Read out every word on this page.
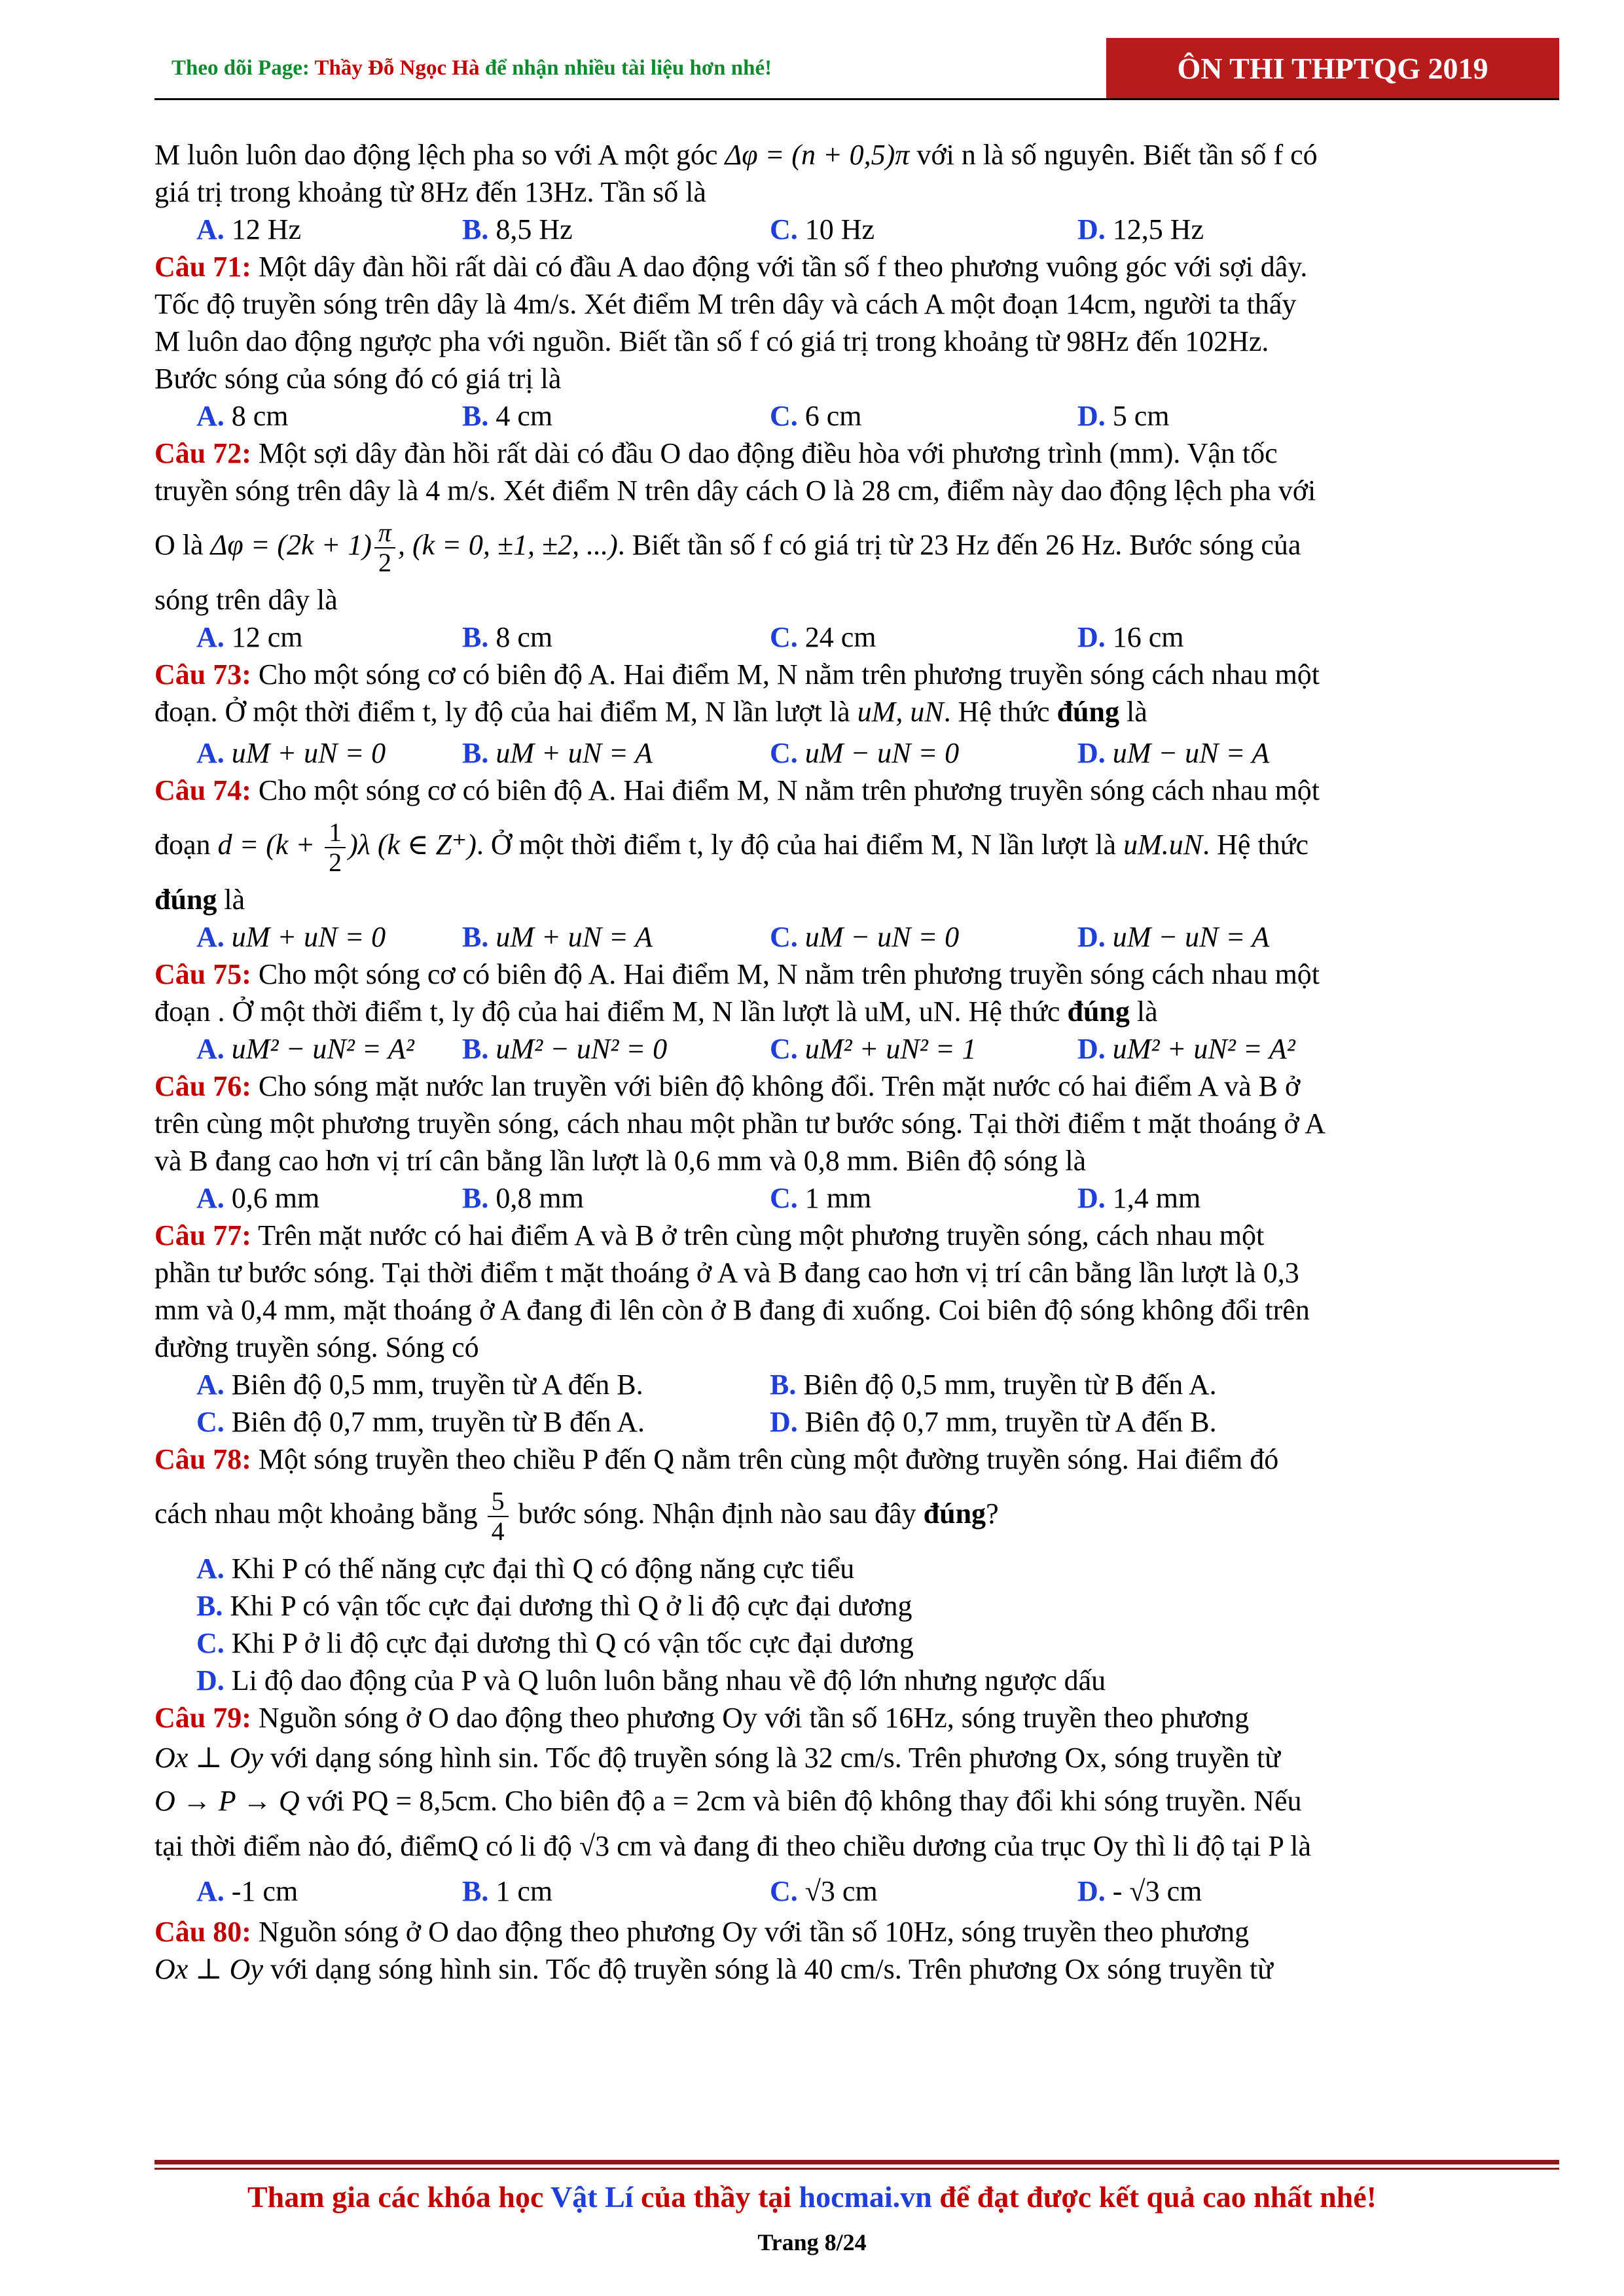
Theo dõi Page: Thầy Đỗ Ngọc Hà để nhận nhiều tài liệu hơn nhé!	ÔN THI THPTQG 2019
M luôn luôn dao động lệch pha so với A một góc Δφ = (n + 0,5)π với n là số nguyên. Biết tần số f có
giá trị trong khoảng từ 8Hz đến 13Hz. Tần số là
A. 12 Hz	B. 8,5 Hz	C. 10 Hz	D. 12,5 Hz
Câu 71: Một dây đàn hồi rất dài có đầu A dao động với tần số f theo phương vuông góc với sợi dây.
Tốc độ truyền sóng trên dây là 4m/s. Xét điểm M trên dây và cách A một đoạn 14cm, người ta thấy
M luôn dao động ngược pha với nguồn. Biết tần số f có giá trị trong khoảng từ 98Hz đến 102Hz.
Bước sóng của sóng đó có giá trị là
A. 8 cm	B. 4 cm	C. 6 cm	D. 5 cm
Câu 72: Một sợi dây đàn hồi rất dài có đầu O dao động điều hòa với phương trình (mm). Vận tốc
truyền sóng trên dây là 4 m/s. Xét điểm N trên dây cách O là 28 cm, điểm này dao động lệch pha với
O là $\Delta\varphi = (2k + 1) \frac{\pi}{2}$ , (k = 0, ±1, ±2, ...). Biết tần số f có giá trị từ 23 Hz đến 26 Hz. Bước sóng của
sóng trên dây là
A. 12 cm	B. 8 cm	C. 24 cm	D. 16 cm
Câu 73: Cho một sóng cơ có biên độ A. Hai điểm M, N nằm trên phương truyền sóng cách nhau một
đoạn. Ở một thời điểm t, ly độ của hai điểm M, N lần lượt là uM, uN. Hệ thức đúng là
A. uM + uN = 0	B. uM + uN = A	C. uM − uN = 0	D. uM − uN = A
Câu 74: Cho một sóng cơ có biên độ A. Hai điểm M, N nằm trên phương truyền sóng cách nhau một
đoạn $d = (k + \frac{1}{2} )\lambda$ (k ∈ Z⁺). Ở một thời điểm t, ly độ của hai điểm M, N lần lượt là uM.uN. Hệ thức
đúng là
A. uM + uN = 0	B. uM + uN = A	C. uM − uN = 0	D. uM − uN = A
Câu 75: Cho một sóng cơ có biên độ A. Hai điểm M, N nằm trên phương truyền sóng cách nhau một
đoạn . Ở một thời điểm t, ly độ của hai điểm M, N lần lượt là uM, uN. Hệ thức đúng là
A. uM² − uN² = A²	B. uM² − uN² = 0	C. uM² + uN² = 1	D. uM² + uN² = A²
Câu 76: Cho sóng mặt nước lan truyền với biên độ không đổi. Trên mặt nước có hai điểm A và B ở
trên cùng một phương truyền sóng, cách nhau một phần tư bước sóng. Tại thời điểm t mặt thoáng ở A
và B đang cao hơn vị trí cân bằng lần lượt là 0,6 mm và 0,8 mm. Biên độ sóng là
A. 0,6 mm	B. 0,8 mm	C. 1 mm	D. 1,4 mm
Câu 77: Trên mặt nước có hai điểm A và B ở trên cùng một phương truyền sóng, cách nhau một
phần tư bước sóng. Tại thời điểm t mặt thoáng ở A và B đang cao hơn vị trí cân bằng lần lượt là 0,3
mm và 0,4 mm, mặt thoáng ở A đang đi lên còn ở B đang đi xuống. Coi biên độ sóng không đổi trên
đường truyền sóng. Sóng có
A. Biên độ 0,5 mm, truyền từ A đến B.	B. Biên độ 0,5 mm, truyền từ B đến A.
C. Biên độ 0,7 mm, truyền từ B đến A.	D. Biên độ 0,7 mm, truyền từ A đến B.
Câu 78: Một sóng truyền theo chiều P đến Q nằm trên cùng một đường truyền sóng. Hai điểm đó
cách nhau một khoảng bằng $\frac{5}{4}$ bước sóng. Nhận định nào sau đây đúng?
A. Khi P có thế năng cực đại thì Q có động năng cực tiểu
B. Khi P có vận tốc cực đại dương thì Q ở li độ cực đại dương
C. Khi P ở li độ cực đại dương thì Q có vận tốc cực đại dương
D. Li độ dao động của P và Q luôn luôn bằng nhau về độ lớn nhưng ngược dấu
Câu 79: Nguồn sóng ở O dao động theo phương Oy với tần số 16Hz, sóng truyền theo phương
Ox ⊥ Oy với dạng sóng hình sin. Tốc độ truyền sóng là 32 cm/s. Trên phương Ox, sóng truyền từ
O → P → Q với PQ = 8,5cm. Cho biên độ a = 2cm và biên độ không thay đổi khi sóng truyền. Nếu
tại thời điểm nào đó, điểmQ có li độ √3 cm và đang đi theo chiều dương của trục Oy thì li độ tại P là
A. -1 cm	B. 1 cm	C. √3 cm	D. - √3 cm
Câu 80: Nguồn sóng ở O dao động theo phương Oy với tần số 10Hz, sóng truyền theo phương
Ox ⊥ Oy với dạng sóng hình sin. Tốc độ truyền sóng là 40 cm/s. Trên phương Ox sóng truyền từ
Tham gia các khóa học Vật Lí của thầy tại hocmai.vn để đạt được kết quả cao nhất nhé!
Trang 8/24
